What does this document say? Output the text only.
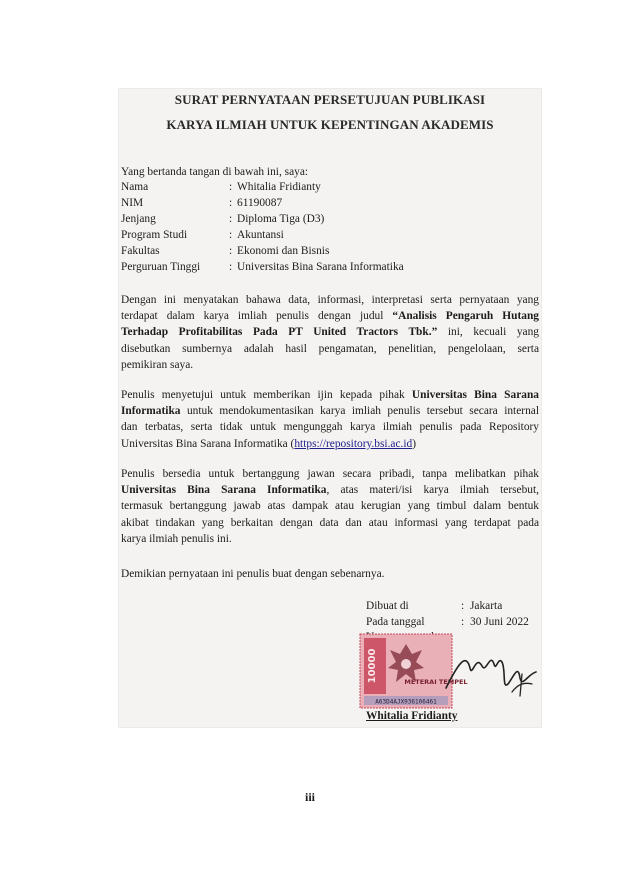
SURAT PERNYATAAN PERSETUJUAN PUBLIKASI
KARYA ILMIAH UNTUK KEPENTINGAN AKADEMIS
Yang bertanda tangan di bawah ini, saya:
Nama	: Whitalia Fridianty
NIM	: 61190087
Jenjang	: Diploma Tiga (D3)
Program Studi	: Akuntansi
Fakultas	: Ekonomi dan Bisnis
Perguruan Tinggi	: Universitas Bina Sarana Informatika
Dengan ini menyatakan bahawa data, informasi, interpretasi serta pernyataan yang
terdapat dalam karya imliah penulis dengan judul “Analisis Pengaruh Hutang
Terhadap Profitabilitas Pada PT United Tractors Tbk.” ini, kecuali yang
disebutkan sumbernya adalah hasil pengamatan, penelitian, pengelolaan, serta
pemikiran saya.
Penulis menyetujui untuk memberikan ijin kepada pihak Universitas Bina Sarana
Informatika untuk mendokumentasikan karya imliah penulis tersebut secara internal
dan terbatas, serta tidak untuk mengunggah karya ilmiah penulis pada Repository
Universitas Bina Sarana Informatika (https://repository.bsi.ac.id)
Penulis bersedia untuk bertanggung jawan secara pribadi, tanpa melibatkan pihak
Universitas Bina Sarana Informatika, atas materi/isi karya ilmiah tersebut,
termasuk bertanggung jawab atas dampak atau kerugian yang timbul dalam bentuk
akibat tindakan yang berkaitan dengan data dan atau informasi yang terdapat pada
karya ilmiah penulis ini.
Demikian pernyataan ini penulis buat dengan sebenarnya.
Dibuat di	: Jakarta
Pada tanggal	: 30 Juni 2022
10000	METERAI TEMPEL
A63D4AJX936106461
Whitalia Fridianty
iii
